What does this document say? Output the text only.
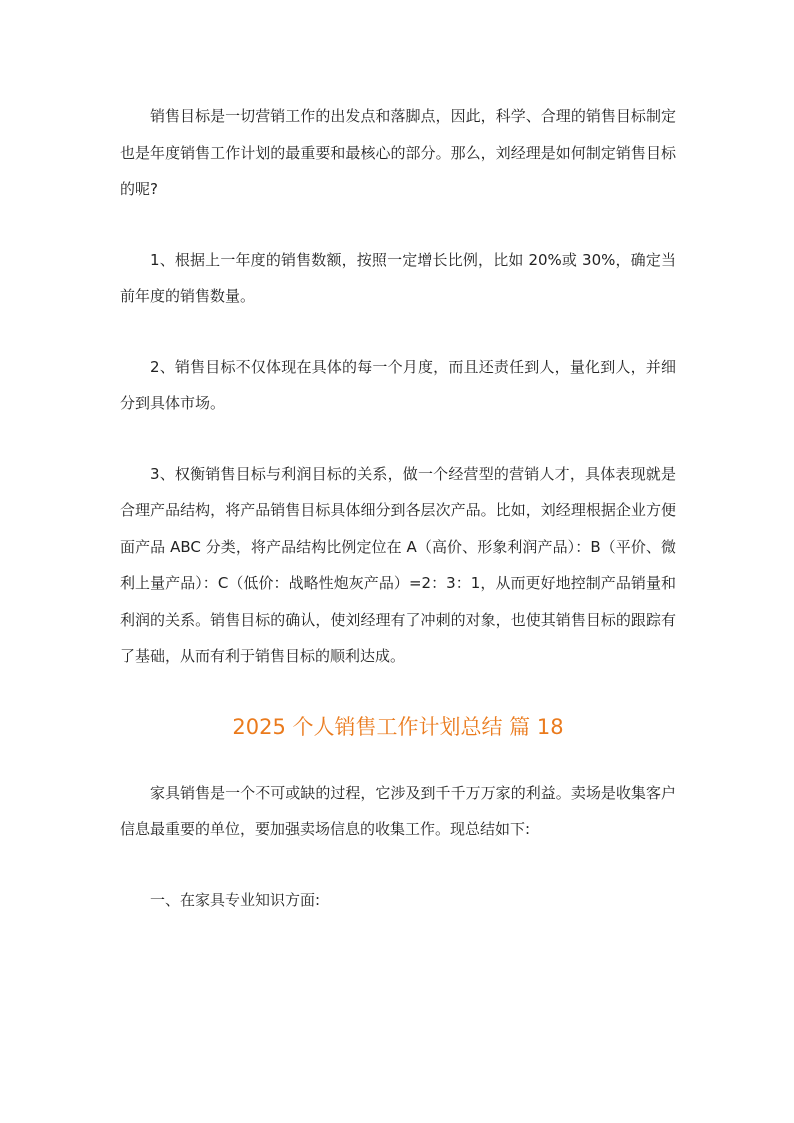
销售目标是一切营销工作的出发点和落脚点，因此，科学、合理的销售目标制定也是年度销售工作计划的最重要和最核心的部分。那么，刘经理是如何制定销售目标的呢?

1、根据上一年度的销售数额，按照一定增长比例，比如 20%或 30%，确定当前年度的销售数量。

2、销售目标不仅体现在具体的每一个月度，而且还责任到人，量化到人，并细分到具体市场。

3、权衡销售目标与利润目标的关系，做一个经营型的营销人才，具体表现就是合理产品结构，将产品销售目标具体细分到各层次产品。比如，刘经理根据企业方便面产品 ABC 分类，将产品结构比例定位在 A（高价、形象利润产品）：B（平价、微利上量产品）：C（低价：战略性炮灰产品）=2：3：1，从而更好地控制产品销量和利润的关系。销售目标的确认，使刘经理有了冲刺的对象，也使其销售目标的跟踪有了基础，从而有利于销售目标的顺利达成。

2025 个人销售工作计划总结 篇 18

家具销售是一个不可或缺的过程，它涉及到千千万万家的利益。卖场是收集客户信息最重要的单位，要加强卖场信息的收集工作。现总结如下:

一、在家具专业知识方面:
